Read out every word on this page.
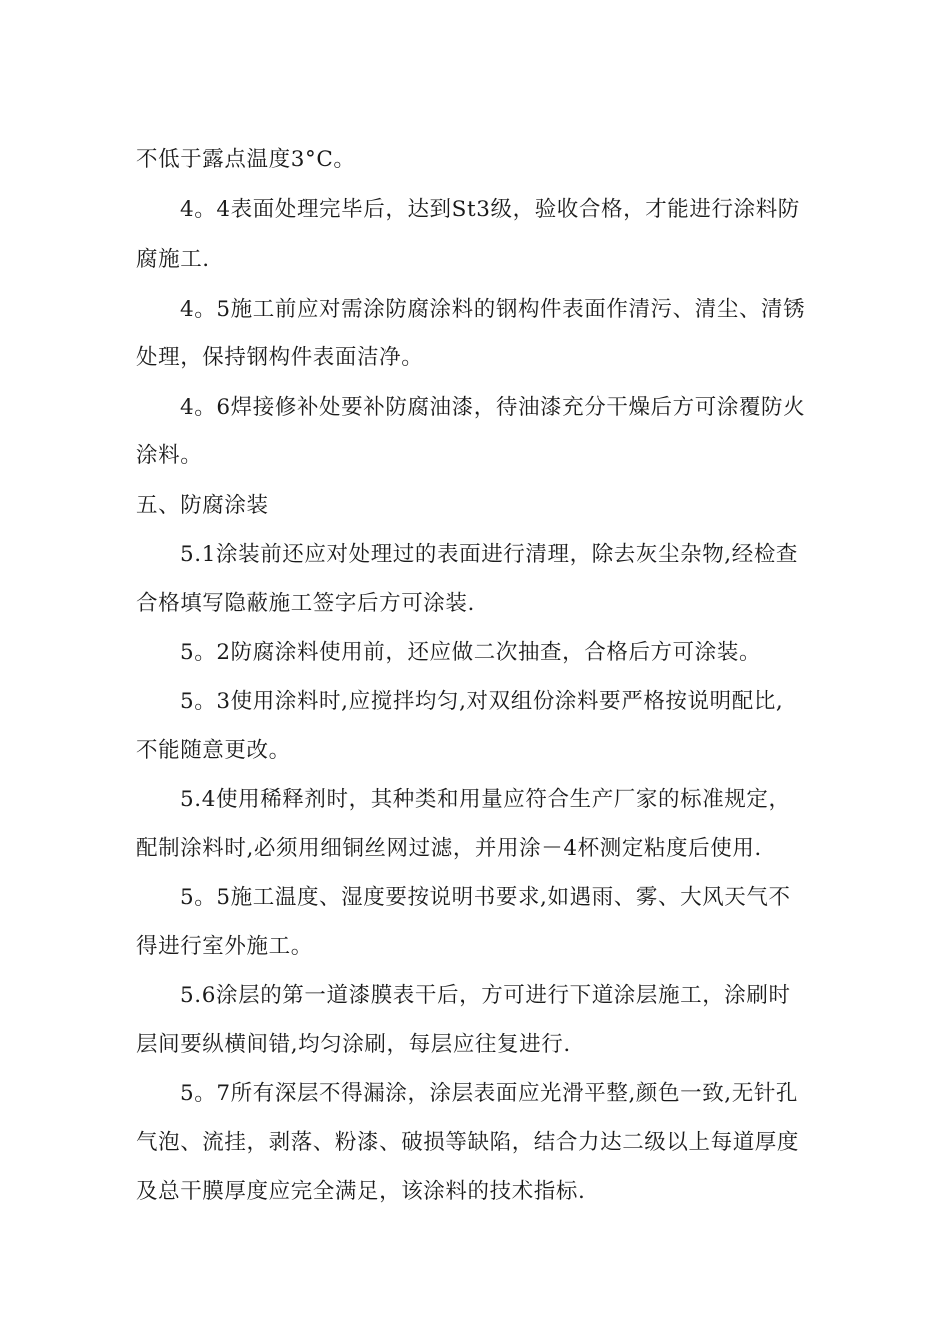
不低于露点温度3°C。
4。4表面处理完毕后，达到St3级，验收合格，才能进行涂料防
腐施工.
4。5施工前应对需涂防腐涂料的钢构件表面作清污、清尘、清锈
处理，保持钢构件表面洁净。
4。6焊接修补处要补防腐油漆，待油漆充分干燥后方可涂覆防火
涂料。
五、防腐涂装
5.1涂装前还应对处理过的表面进行清理，除去灰尘杂物,经检查
合格填写隐蔽施工签字后方可涂装.
5。2防腐涂料使用前，还应做二次抽查，合格后方可涂装。
5。3使用涂料时,应搅拌均匀,对双组份涂料要严格按说明配比,
不能随意更改。
5.4使用稀释剂时，其种类和用量应符合生产厂家的标准规定，
配制涂料时,必须用细铜丝网过滤，并用涂－4杯测定粘度后使用.
5。5施工温度、湿度要按说明书要求,如遇雨、雾、大风天气不
得进行室外施工。
5.6涂层的第一道漆膜表干后，方可进行下道涂层施工，涂刷时
层间要纵横间错,均匀涂刷，每层应往复进行.
5。7所有深层不得漏涂，涂层表面应光滑平整,颜色一致,无针孔
气泡、流挂，剥落、粉漆、破损等缺陷，结合力达二级以上每道厚度
及总干膜厚度应完全满足，该涂料的技术指标.
